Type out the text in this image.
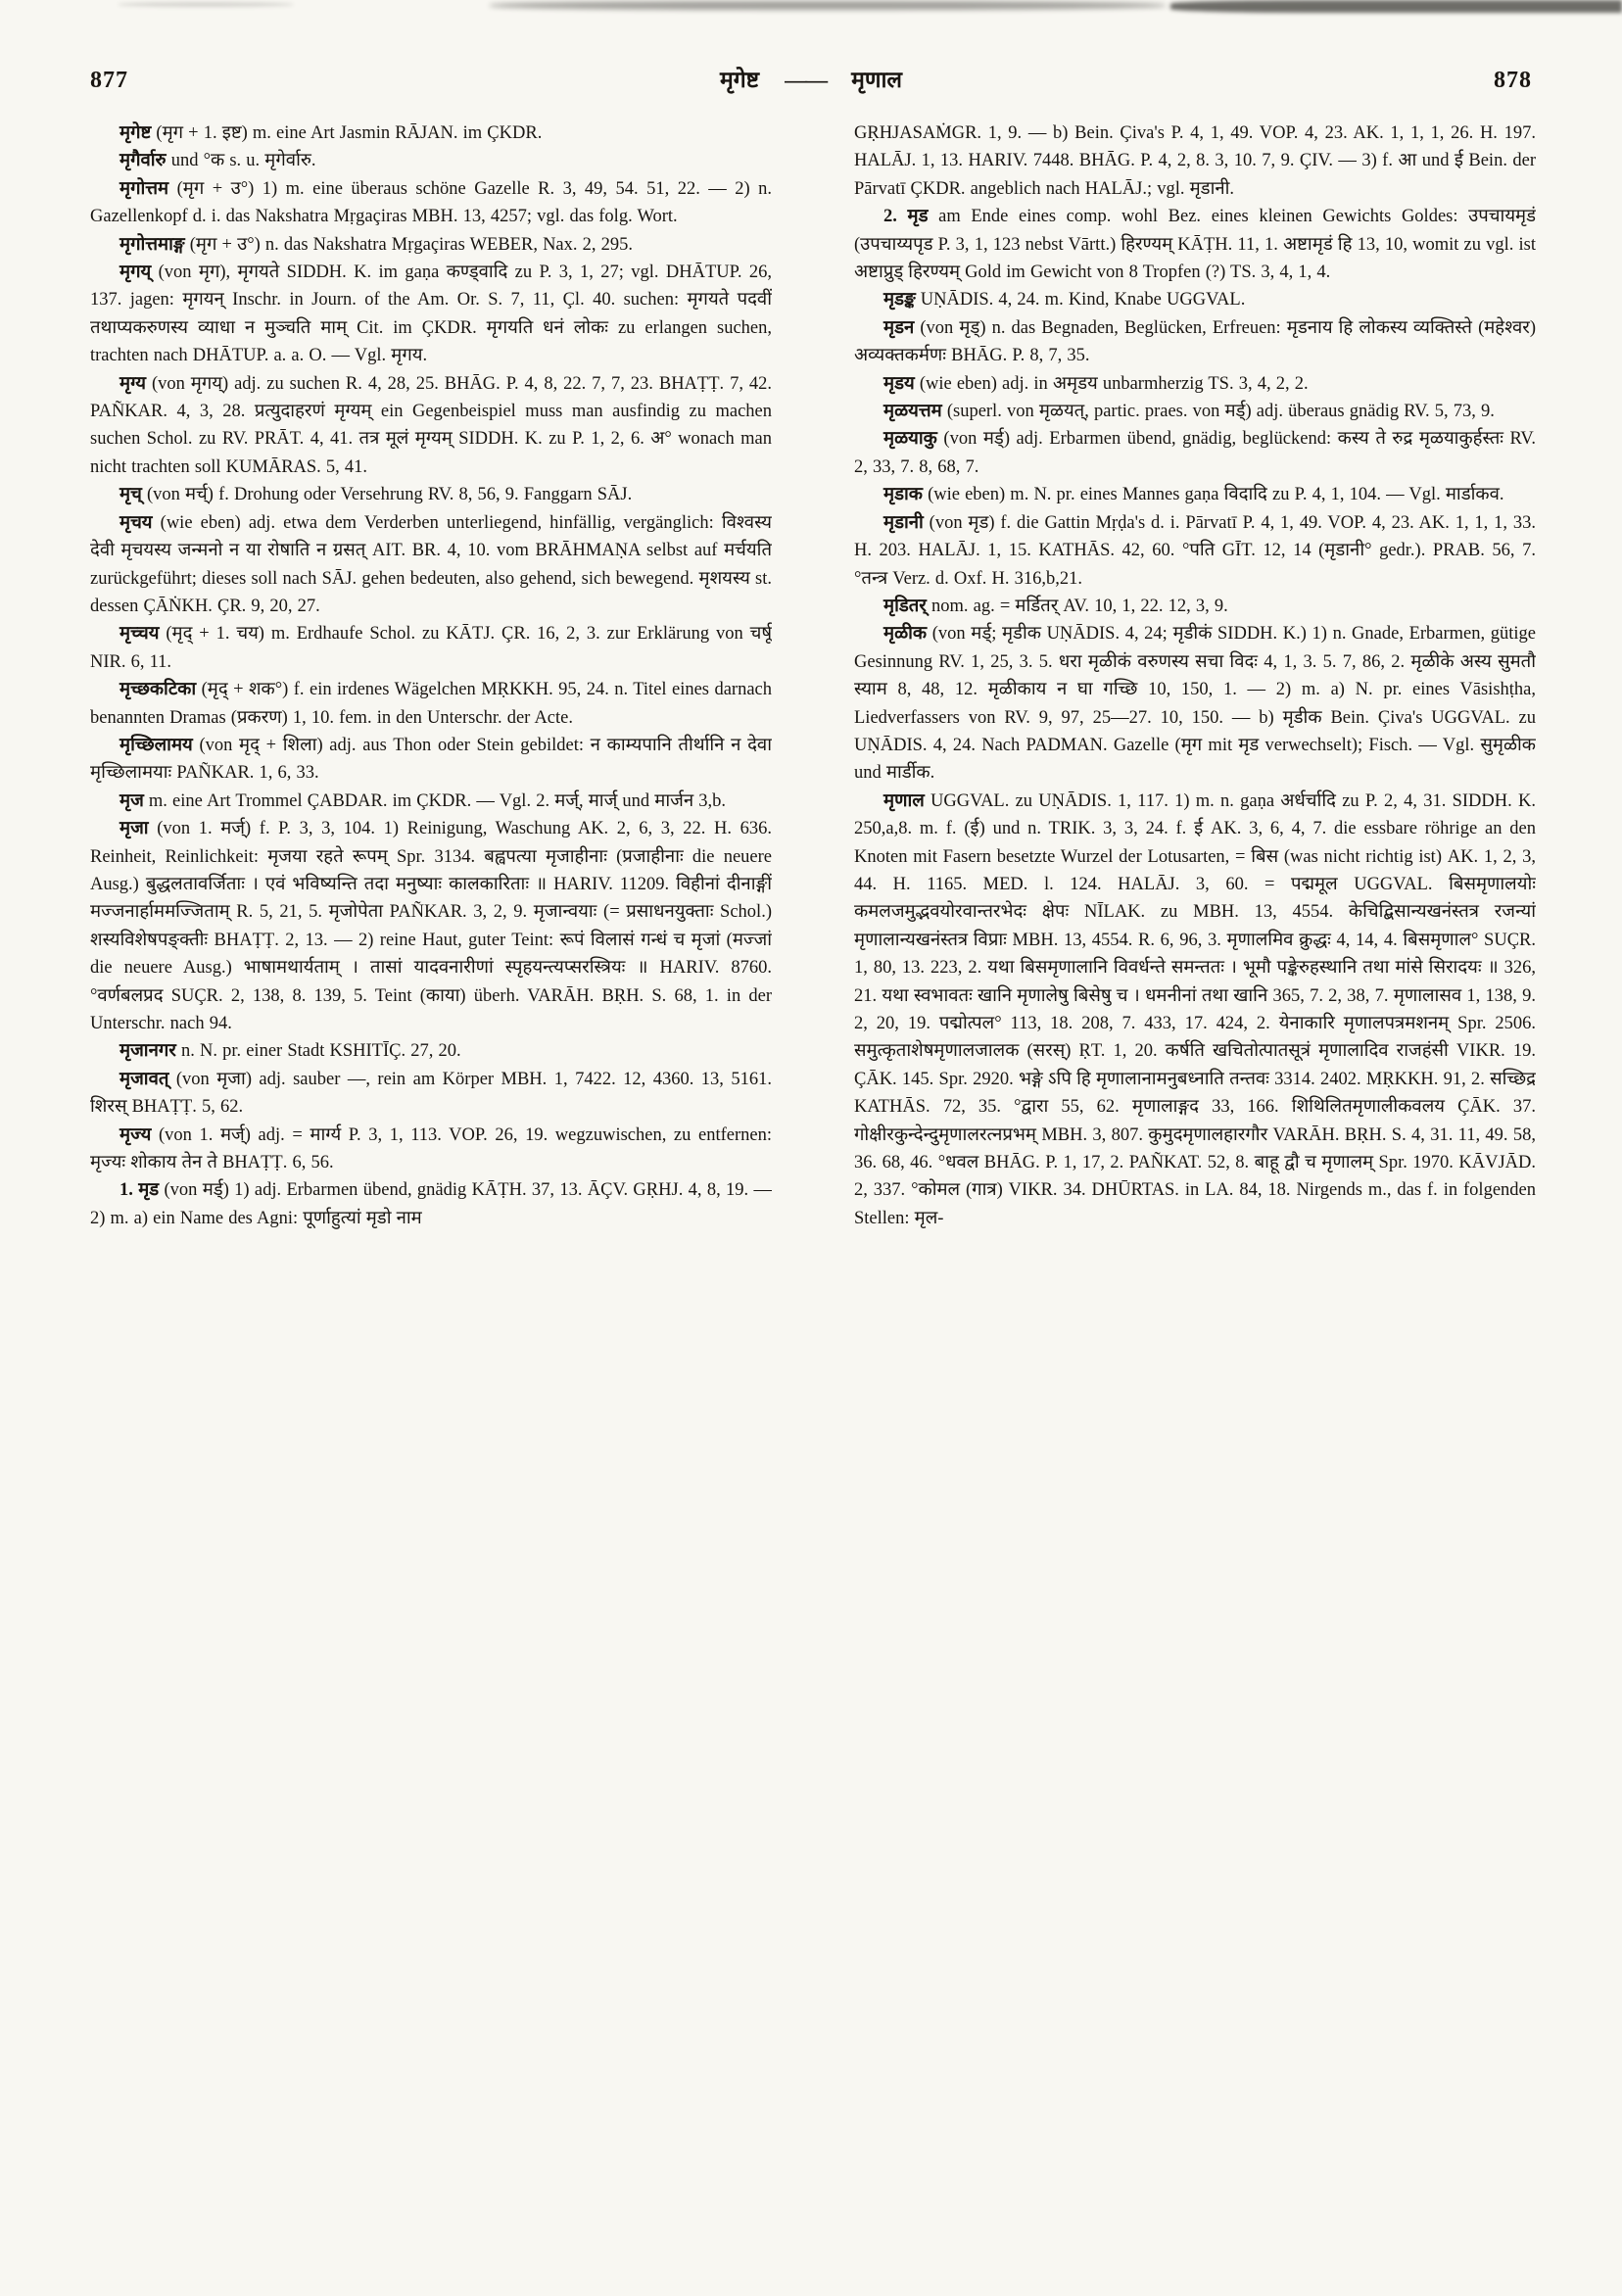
877	मृगेष्ट —— मृणाल	878

मृगेष्ट (मृग + 1. इष्ट) m. eine Art Jasmin RĀJAN. im ÇKDR.

मृगैर्वारु und °क s. u. मृगेर्वारु.

मृगोत्तम (मृग + उ°) 1) m. eine überaus schöne Gazelle R. 3, 49, 54. 51, 22. — 2) n. Gazellenkopf d. i. das Nakshatra Mṛgaçiras MBH. 13, 4257; vgl. das folg. Wort.

मृगोत्तमाङ्ग (मृग + उ°) n. das Nakshatra Mṛgaçiras WEBER, Nax. 2, 295.

मृगय् (von मृग), मृगयते SIDDH. K. im gaṇa कण्ड्वादि zu P. 3, 1, 27; vgl. DHĀTUP. 26, 137. jagen: मृगयन् Inschr. in Journ. of the Am. Or. S. 7, 11, Çl. 40. suchen: मृगयते पदवीं तथाप्यकरुणस्य व्याधा न मुञ्चति माम् Cit. im ÇKDR. मृगयति धनं लोकः zu erlangen suchen, trachten nach DHĀTUP. a. a. O. — Vgl. मृगय.

मृग्य (von मृगय्) adj. zu suchen R. 4, 28, 25. BHĀG. P. 4, 8, 22. 7, 7, 23. BHAṬṬ. 7, 42. PAÑKAR. 4, 3, 28. प्रत्युदाहरणं मृग्यम् ein Gegenbeispiel muss man ausfindig zu machen suchen Schol. zu RV. PRĀT. 4, 41. तत्र मूलं मृग्यम् SIDDH. K. zu P. 1, 2, 6. अ° wonach man nicht trachten soll KUMĀRAS. 5, 41.

मृच् (von मर्च्) f. Drohung oder Versehrung RV. 8, 56, 9. Fanggarn SĀJ.

मृचय (wie eben) adj. etwa dem Verderben unterliegend, hinfällig, vergänglich: विश्वस्य देवी मृचयस्य जन्मनो न या रोषाति न ग्रसत् AIT. BR. 4, 10. vom BRĀHMAṆA selbst auf मर्चयति zurückgeführt; dieses soll nach SĀJ. gehen bedeuten, also gehend, sich bewegend. मृशयस्य st. dessen ÇĀṄKH. ÇR. 9, 20, 27.

मृच्चय (मृद् + 1. चय) m. Erdhaufe Schol. zu KĀTJ. ÇR. 16, 2, 3. zur Erklärung von चर्षू NIR. 6, 11.

मृच्छकटिका (मृद् + शक°) f. ein irdenes Wägelchen MṚKKH. 95, 24. n. Titel eines darnach benannten Dramas (प्रकरण) 1, 10. fem. in den Unterschr. der Acte.

मृच्छिलामय (von मृद् + शिला) adj. aus Thon oder Stein gebildet: न काम्यपानि तीर्थानि न देवा मृच्छिलामयाः PAÑKAR. 1, 6, 33.

मृज m. eine Art Trommel ÇABDAR. im ÇKDR. — Vgl. 2. मर्ज्, मार्ज् und मार्जन 3,b.

मृजा (von 1. मर्ज्) f. P. 3, 3, 104. 1) Reinigung, Waschung AK. 2, 6, 3, 22. H. 636. Reinheit, Reinlichkeit: मृजया रहते रूपम् Spr. 3134. बह्वपत्या मृजाहीनाः (प्रजाहीनाः die neuere Ausg.) बुद्धलतावर्जिताः । एवं भविष्यन्ति तदा मनुष्याः कालकारिताः ॥ HARIV. 11209. विहीनां दीनाङ्गीं मज्जनार्हाममज्जिताम् R. 5, 21, 5. मृजोपेता PAÑKAR. 3, 2, 9. मृजान्वयाः (= प्रसाधनयुक्ताः Schol.) शस्यविशेषपङ्क्तीः BHAṬṬ. 2, 13. — 2) reine Haut, guter Teint: रूपं विलासं गन्धं च मृजां (मज्जां die neuere Ausg.) भाषामथार्यताम् । तासां यादवनारीणां स्पृहयन्त्यप्सरस्त्रियः ॥ HARIV. 8760. °वर्णबलप्रद SUÇR. 2, 138, 8. 139, 5. Teint (काया) überh. VARĀH. BṚH. S. 68, 1. in der Unterschr. nach 94.

मृजानगर n. N. pr. einer Stadt KSHITĪÇ. 27, 20.

मृजावत् (von मृजा) adj. sauber —, rein am Körper MBH. 1, 7422. 12, 4360. 13, 5161. शिरस् BHAṬṬ. 5, 62.

मृज्य (von 1. मर्ज्) adj. = मार्ग्य P. 3, 1, 113. VOP. 26, 19. wegzuwischen, zu entfernen: मृज्यः शोकाय तेन ते BHAṬṬ. 6, 56.

1. मृड (von मर्ड्) 1) adj. Erbarmen übend, gnädig KĀṬH. 37, 13. ĀÇV. GṚHJ. 4, 8, 19. — 2) m. a) ein Name des Agni: पूर्णाहुत्यां मृडो नाम

GṚHJASAṀGR. 1, 9. — b) Bein. Çiva's P. 4, 1, 49. VOP. 4, 23. AK. 1, 1, 1, 26. H. 197. HALĀJ. 1, 13. HARIV. 7448. BHĀG. P. 4, 2, 8. 3, 10. 7, 9. ÇIV. — 3) f. आ und ई Bein. der Pārvatī ÇKDR. angeblich nach HALĀJ.; vgl. मृडानी.

2. मृड am Ende eines comp. wohl Bez. eines kleinen Gewichts Goldes: उपचायमृडं (उपचाय्यपृड P. 3, 1, 123 nebst Vārtt.) हिरण्यम् KĀṬH. 11, 1. अष्टामृडं हि 13, 10, womit zu vgl. ist अष्टाप्रुड् हिरण्यम् Gold im Gewicht von 8 Tropfen (?) TS. 3, 4, 1, 4.

मृडङ्क UṆĀDIS. 4, 24. m. Kind, Knabe UGGVAL.

मृडन (von मृड्) n. das Begnaden, Beglücken, Erfreuen: मृडनाय हि लोकस्य व्यक्तिस्ते (महेश्वर) अव्यक्तकर्मणः BHĀG. P. 8, 7, 35.

मृडय (wie eben) adj. in अमृडय unbarmherzig TS. 3, 4, 2, 2.

मृळयत्तम (superl. von मृळयत्, partic. praes. von मर्ड्) adj. überaus gnädig RV. 5, 73, 9.

मृळयाकु (von मर्ड्) adj. Erbarmen übend, gnädig, beglückend: कस्य ते रुद्र मृळयाकुर्हस्तः RV. 2, 33, 7. 8, 68, 7.

मृडाक (wie eben) m. N. pr. eines Mannes gaṇa विदादि zu P. 4, 1, 104. — Vgl. मार्डाकव.

मृडानी (von मृड) f. die Gattin Mṛḍa's d. i. Pārvatī P. 4, 1, 49. VOP. 4, 23. AK. 1, 1, 1, 33. H. 203. HALĀJ. 1, 15. KATHĀS. 42, 60. °पति GĪT. 12, 14 (मृडानी° gedr.). PRAB. 56, 7. °तन्त्र Verz. d. Oxf. H. 316,b,21.

मृडितर् nom. ag. = मर्डितर् AV. 10, 1, 22. 12, 3, 9.

मृळीक (von मर्ड्; मृडीक UṆĀDIS. 4, 24; मृडीकं SIDDH. K.) 1) n. Gnade, Erbarmen, gütige Gesinnung RV. 1, 25, 3. 5. धरा मृळीकं वरुणस्य सचा विदः 4, 1, 3. 5. 7, 86, 2. मृळीके अस्य सुमतौ स्याम 8, 48, 12. मृळीकाय न घा गच्छि 10, 150, 1. — 2) m. a) N. pr. eines Vāsishṭha, Liedverfassers von RV. 9, 97, 25—27. 10, 150. — b) मृडीक Bein. Çiva's UGGVAL. zu UṆĀDIS. 4, 24. Nach PADMAN. Gazelle (मृग mit मृड verwechselt); Fisch. — Vgl. सुमृळीक und मार्डीक.

मृणाल UGGVAL. zu UṆĀDIS. 1, 117. 1) m. n. gaṇa अर्धर्चादि zu P. 2, 4, 31. SIDDH. K. 250,a,8. m. f. (ई) und n. TRIK. 3, 3, 24. f. ई AK. 3, 6, 4, 7. die essbare röhrige an den Knoten mit Fasern besetzte Wurzel der Lotusarten, = बिस (was nicht richtig ist) AK. 1, 2, 3, 44. H. 1165. MED. l. 124. HALĀJ. 3, 60. = पद्ममूल UGGVAL. बिसमृणालयोः कमलजमुद्भवयोरवान्तरभेदः क्षेपः NĪLAK. zu MBH. 13, 4554. केचिद्बिसान्यखनंस्तत्र रजन्यां मृणालान्यखनंस्तत्र विप्राः MBH. 13, 4554. R. 6, 96, 3. मृणालमिव क्रुद्धः 4, 14, 4. बिसमृणाल° SUÇR. 1, 80, 13. 223, 2. यथा बिसमृणालानि विवर्धन्ते समन्ततः । भूमौ पङ्केरुहस्थानि तथा मांसे सिरादयः ॥ 326, 21. यथा स्वभावतः खानि मृणालेषु बिसेषु च । धमनीनां तथा खानि 365, 7. 2, 38, 7. मृणालासव 1, 138, 9. 2, 20, 19. पद्मोत्पल° 113, 18. 208, 7. 433, 17. 424, 2. येनाकारि मृणालपत्रमशनम् Spr. 2506. समुत्कृताशेषमृणालजालक (सरस्) ṚT. 1, 20. कर्षति खचितोत्पातसूत्रं मृणालादिव राजहंसी VIKR. 19. ÇĀK. 145. Spr. 2920. भङ्गे ऽपि हि मृणालानामनुबध्नाति तन्तवः 3314. 2402. MṚKKH. 91, 2. सच्छिद्र KATHĀS. 72, 35. °द्वारा 55, 62. मृणालाङ्गद 33, 166. शिथिलितमृणालीकवलय ÇĀK. 37. गोक्षीरकुन्देन्दुमृणालरत्नप्रभम् MBH. 3, 807. कुमुदमृणालहारगौर VARĀH. BṚH. S. 4, 31. 11, 49. 58, 36. 68, 46. °धवल BHĀG. P. 1, 17, 2. PAÑKAT. 52, 8. बाहू द्वौ च मृणालम् Spr. 1970. KĀVJĀD. 2, 337. °कोमल (गात्र) VIKR. 34. DHŪRTAS. in LA. 84, 18. Nirgends m., das f. in folgenden Stellen: मृल-
